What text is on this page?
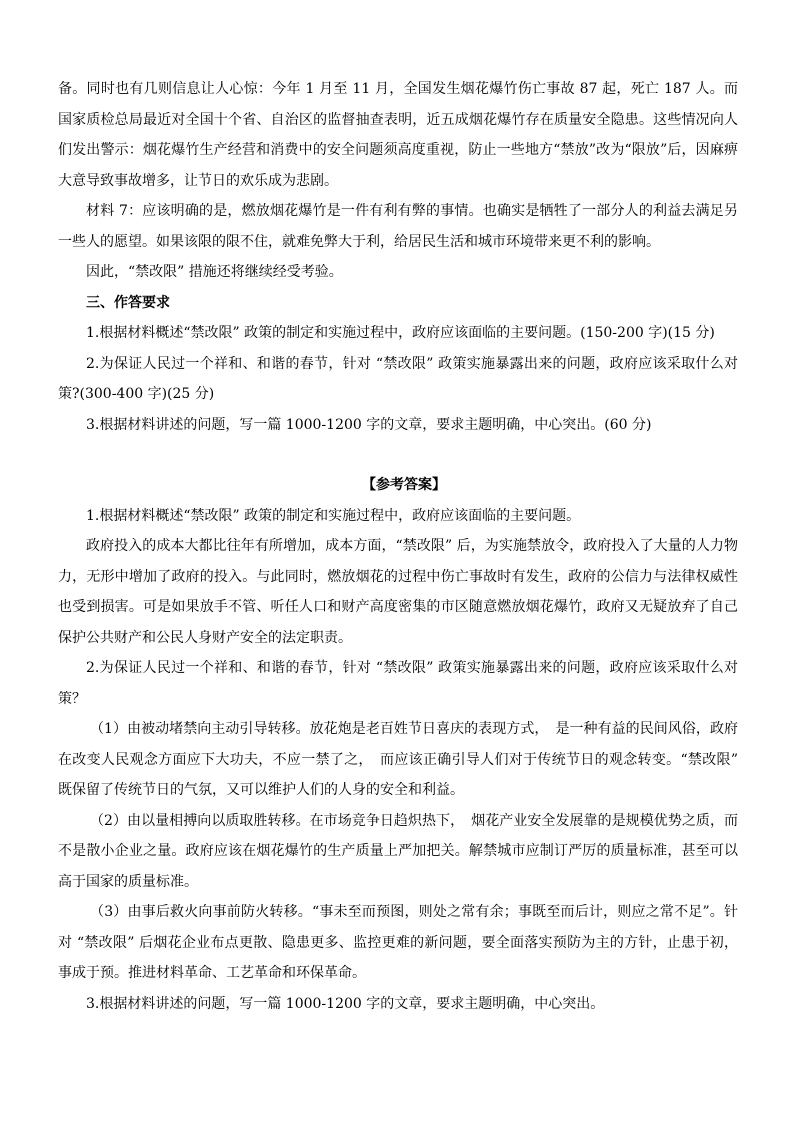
备。同时也有几则信息让人心惊：今年 1 月至 11 月，全国发生烟花爆竹伤亡事故 87 起，死亡 187 人。而国家质检总局最近对全国十个省、自治区的监督抽查表明，近五成烟花爆竹存在质量安全隐患。这些情况向人们发出警示：烟花爆竹生产经营和消费中的安全问题须高度重视，防止一些地方“禁放”改为“限放”后，因麻痹大意导致事故增多，让节日的欢乐成为悲剧。

材料 7：应该明确的是，燃放烟花爆竹是一件有利有弊的事情。也确实是牺牲了一部分人的利益去满足另一些人的愿望。如果该限的限不住，就难免弊大于利，给居民生活和城市环境带来更不利的影响。

因此，“禁改限” 措施还将继续经受考验。

三、作答要求

1.根据材料概述“禁改限” 政策的制定和实施过程中，政府应该面临的主要问题。(150-200 字)(15 分)

2.为保证人民过一个祥和、和谐的春节，针对 “禁改限” 政策实施暴露出来的问题，政府应该采取什么对策?(300-400 字)(25 分)

3.根据材料讲述的问题，写一篇 1000-1200 字的文章，要求主题明确，中心突出。(60 分)

【参考答案】

1.根据材料概述“禁改限” 政策的制定和实施过程中，政府应该面临的主要问题。

政府投入的成本大都比往年有所增加，成本方面，“禁改限” 后，为实施禁放令，政府投入了大量的人力物力，无形中增加了政府的投入。与此同时，燃放烟花的过程中伤亡事故时有发生，政府的公信力与法律权威性也受到损害。可是如果放手不管、听任人口和财产高度密集的市区随意燃放烟花爆竹，政府又无疑放弃了自己保护公共财产和公民人身财产安全的法定职责。

2.为保证人民过一个祥和、和谐的春节，针对 “禁改限” 政策实施暴露出来的问题，政府应该采取什么对策？

（1）由被动堵禁向主动引导转移。放花炮是老百姓节日喜庆的表现方式，　是一种有益的民间风俗，政府在改变人民观念方面应下大功夫，不应一禁了之，　而应该正确引导人们对于传统节日的观念转变。“禁改限” 既保留了传统节日的气氛，又可以维护人们的人身的安全和利益。

（2）由以量相搏向以质取胜转移。在市场竞争日趋炽热下，　烟花产业安全发展靠的是规模优势之质，而不是散小企业之量。政府应该在烟花爆竹的生产质量上严加把关。解禁城市应制订严厉的质量标准，甚至可以高于国家的质量标准。

（3）由事后救火向事前防火转移。“事未至而预图，则处之常有余；事既至而后计，则应之常不足”。针对 “禁改限” 后烟花企业布点更散、隐患更多、监控更难的新问题，要全面落实预防为主的方针，止患于初，事成于预。推进材料革命、工艺革命和环保革命。

3.根据材料讲述的问题，写一篇 1000-1200 字的文章，要求主题明确，中心突出。
